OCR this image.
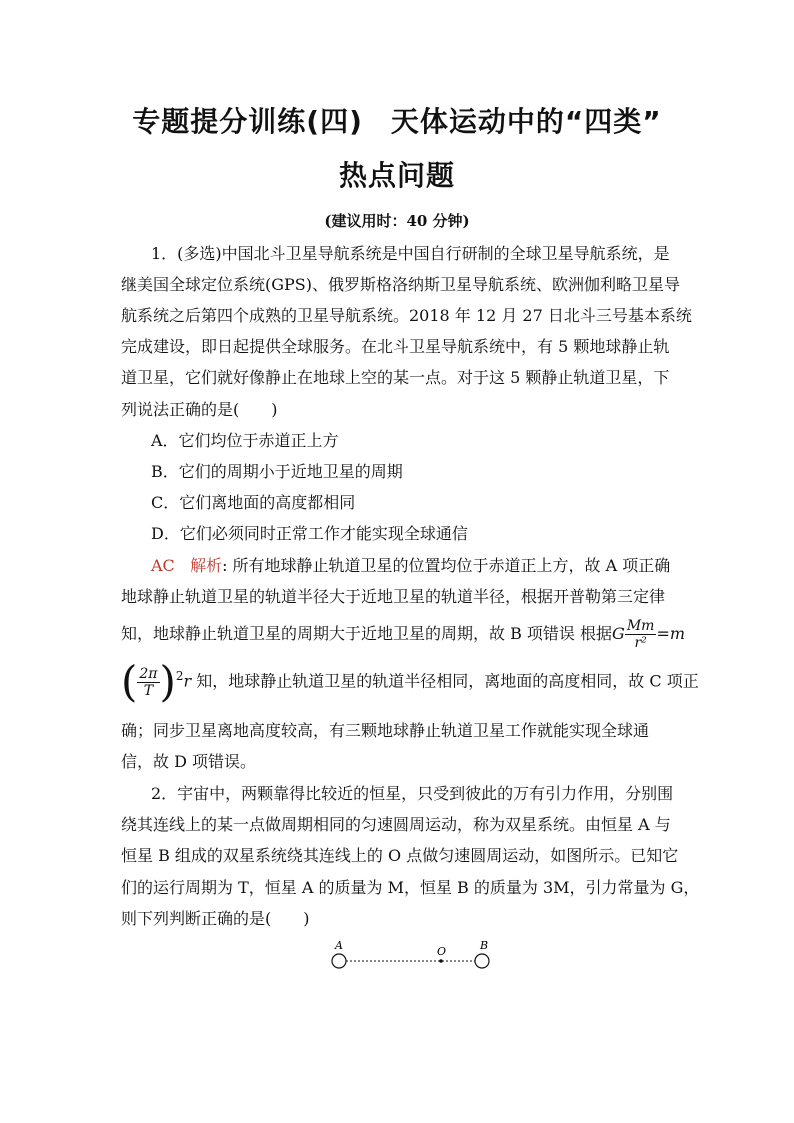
专题提分训练(四) 天体运动中的“四类”
热点问题
(建议用时：40 分钟)
1．(多选)中国北斗卫星导航系统是中国自行研制的全球卫星导航系统，是
继美国全球定位系统(GPS)、俄罗斯格洛纳斯卫星导航系统、欧洲伽利略卫星导
航系统之后第四个成熟的卫星导航系统。2018 年 12 月 27 日北斗三号基本系统
完成建设，即日起提供全球服务。在北斗卫星导航系统中，有 5 颗地球静止轨
道卫星，它们就好像静止在地球上空的某一点。对于这 5 颗静止轨道卫星，下
列说法正确的是(　　)
A．它们均位于赤道正上方
B．它们的周期小于近地卫星的周期
C．它们离地面的高度都相同
D．它们必须同时正常工作才能实现全球通信
AC 解析: 所有地球静止轨道卫星的位置均位于赤道正上方，故 A 项正确
地球静止轨道卫星的轨道半径大于近地卫星的轨道半径，根据开普勒第三定律
知，地球静止轨道卫星的周期大于近地卫星的周期，故 B 项错误 根据G $\frac{Mm}{\text{r²}} =m$
( $\frac{2\pi}{T} )^2r$ 知，地球静止轨道卫星的轨道半径相同，离地面的高度相同，故 C 项正
确；同步卫星离地高度较高，有三颗地球静止轨道卫星工作就能实现全球通
信，故 D 项错误。
2．宇宙中，两颗靠得比较近的恒星，只受到彼此的万有引力作用，分别围
绕其连线上的某一点做周期相同的匀速圆周运动，称为双星系统。由恒星 A 与
恒星 B 组成的双星系统绕其连线上的 O 点做匀速圆周运动，如图所示。已知它
们的运行周期为 T，恒星 A 的质量为 M，恒星 B 的质量为 3M，引力常量为 G，
则下列判断正确的是(　　)
A	O	B
